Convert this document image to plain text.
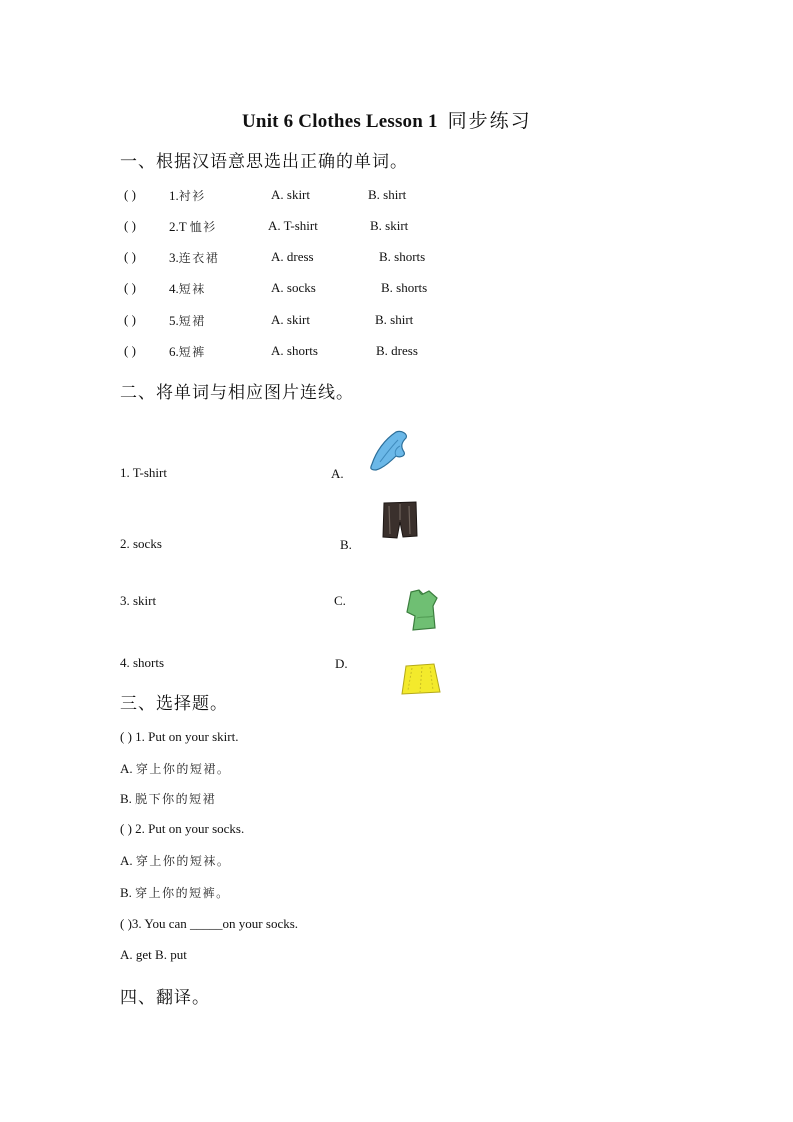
Unit 6 Clothes Lesson 1 同步练习
一、根据汉语意思选出正确的单词。
( )	1.衬衫	A. skirt	B. shirt
( )	2.T 恤衫	A. T-shirt	B. skirt
( )	3.连衣裙	A. dress	B. shorts
( )	4.短袜	A. socks	B. shorts
( )	5.短裙	A. skirt	B. shirt
( )	6.短裤	A. shorts	B. dress
二、将单词与相应图片连线。
1. T-shirt	A.
2. socks	B.
3. skirt	C.
4. shorts	D.
三、选择题。
( ) 1. Put on your skirt.
A. 穿上你的短裙。
B. 脱下你的短裙
( ) 2. Put on your socks.
A. 穿上你的短袜。
B. 穿上你的短裤。
( )3. You can _____on your socks.
A. get B. put
四、翻译。
